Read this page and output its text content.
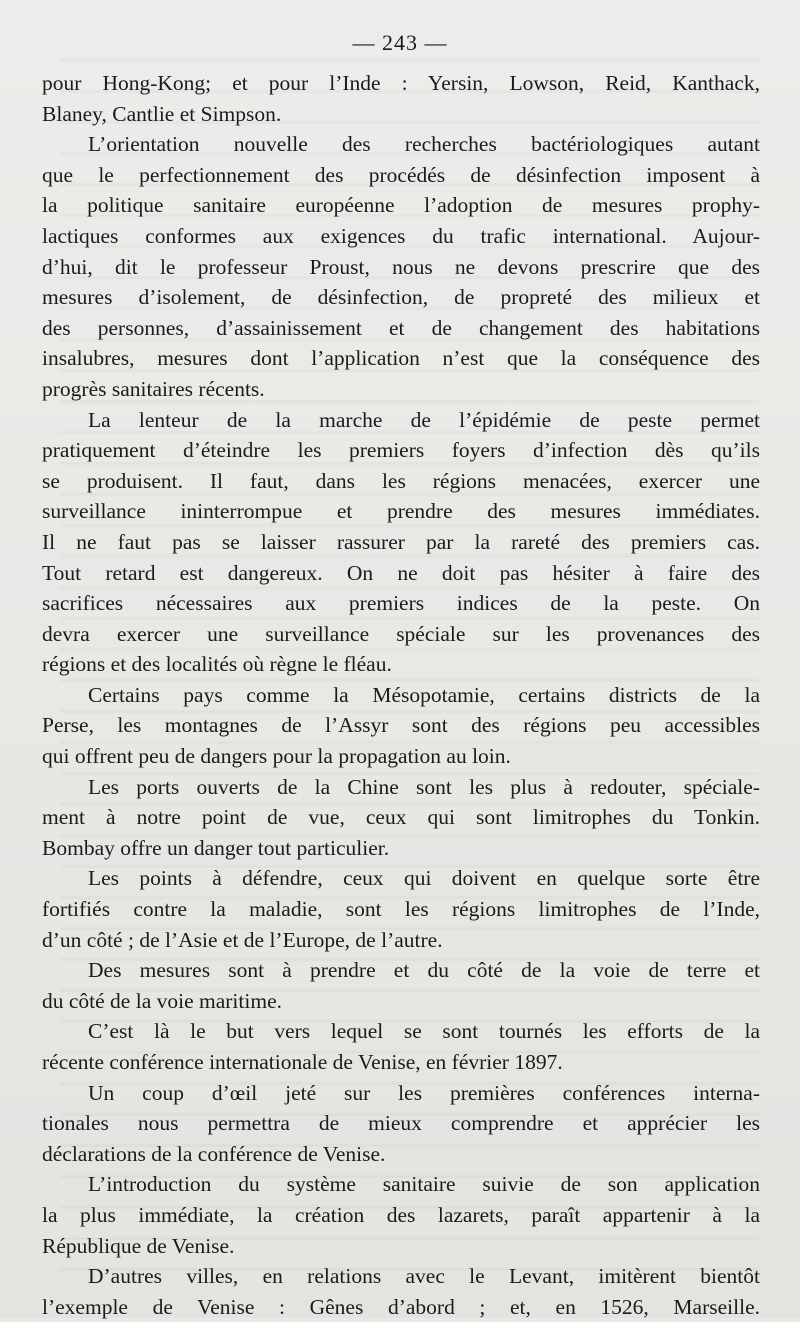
— 243 —
pour Hong-Kong; et pour l’Inde : Yersin, Lowson, Reid, Kanthack,
Blaney, Cantlie et Simpson.
L’orientation nouvelle des recherches bactériologiques autant
que le perfectionnement des procédés de désinfection imposent à
la politique sanitaire européenne l’adoption de mesures prophy-
lactiques conformes aux exigences du trafic international. Aujour-
d’hui, dit le professeur Proust, nous ne devons prescrire que des
mesures d’isolement, de désinfection, de propreté des milieux et
des personnes, d’assainissement et de changement des habitations
insalubres, mesures dont l’application n’est que la conséquence des
progrès sanitaires récents.
La lenteur de la marche de l’épidémie de peste permet
pratiquement d’éteindre les premiers foyers d’infection dès qu’ils
se produisent. Il faut, dans les régions menacées, exercer une
surveillance ininterrompue et prendre des mesures immédiates.
Il ne faut pas se laisser rassurer par la rareté des premiers cas.
Tout retard est dangereux. On ne doit pas hésiter à faire des
sacrifices nécessaires aux premiers indices de la peste. On
devra exercer une surveillance spéciale sur les provenances des
régions et des localités où règne le fléau.
Certains pays comme la Mésopotamie, certains districts de la
Perse, les montagnes de l’Assyr sont des régions peu accessibles
qui offrent peu de dangers pour la propagation au loin.
Les ports ouverts de la Chine sont les plus à redouter, spéciale-
ment à notre point de vue, ceux qui sont limitrophes du Tonkin.
Bombay offre un danger tout particulier.
Les points à défendre, ceux qui doivent en quelque sorte être
fortifiés contre la maladie, sont les régions limitrophes de l’Inde,
d’un côté ; de l’Asie et de l’Europe, de l’autre.
Des mesures sont à prendre et du côté de la voie de terre et
du côté de la voie maritime.
C’est là le but vers lequel se sont tournés les efforts de la
récente conférence internationale de Venise, en février 1897.
Un coup d’œil jeté sur les premières conférences interna-
tionales nous permettra de mieux comprendre et apprécier les
déclarations de la conférence de Venise.
L’introduction du système sanitaire suivie de son application
la plus immédiate, la création des lazarets, paraît appartenir à la
République de Venise.
D’autres villes, en relations avec le Levant, imitèrent bientôt
l’exemple de Venise : Gênes d’abord ; et, en 1526, Marseille.
